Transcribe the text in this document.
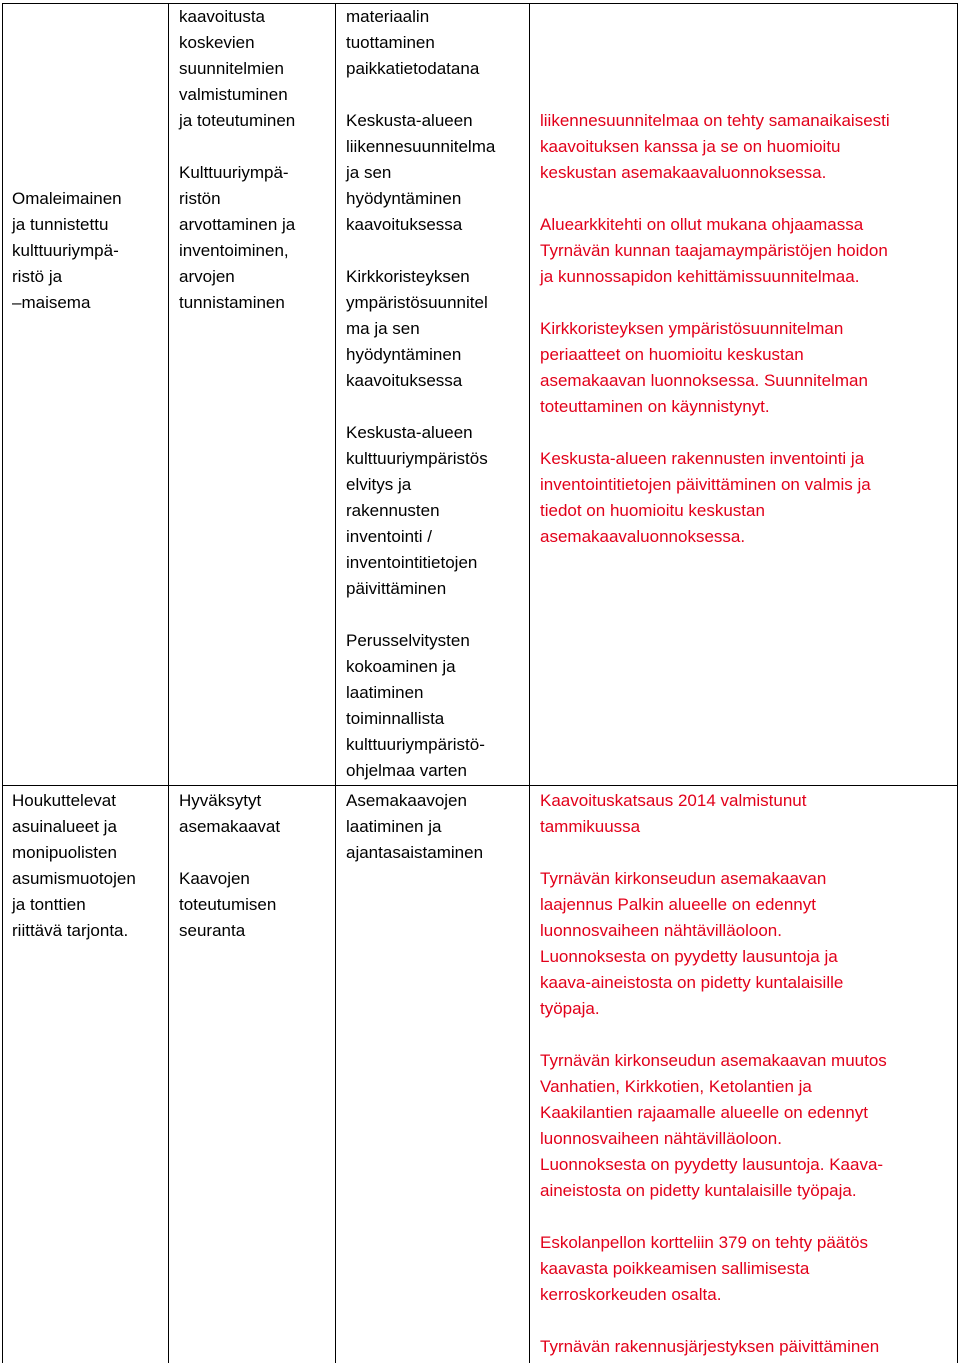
Omaleimainen
ja tunnistettu
kulttuuriympä-
ristö ja
–maisema
kaavoitusta
koskevien
suunnitelmien
valmistuminen
ja toteutuminen
Kulttuuriympä-
ristön
arvottaminen ja
inventoiminen,
arvojen
tunnistaminen
materiaalin
tuottaminen
paikkatietodatana
Keskusta-alueen
liikennesuunnitelma
ja sen
hyödyntäminen
kaavoituksessa
Kirkkoristeyksen
ympäristösuunnitel
ma ja sen
hyödyntäminen
kaavoituksessa
Keskusta-alueen
kulttuuriympäristös
elvitys ja
rakennusten
inventointi /
inventointitietojen
päivittäminen
Perusselvitysten
kokoaminen ja
laatiminen
toiminnallista
kulttuuriympäristö-
ohjelmaa varten
liikennesuunnitelmaa on tehty samanaikaisesti
kaavoituksen kanssa ja se on huomioitu
keskustan asemakaavaluonnoksessa.
Aluearkkitehti on ollut mukana ohjaamassa
Tyrnävän kunnan taajamaympäristöjen hoidon
ja kunnossapidon kehittämissuunnitelmaa.
Kirkkoristeyksen ympäristösuunnitelman
periaatteet on huomioitu keskustan
asemakaavan luonnoksessa. Suunnitelman
toteuttaminen on käynnistynyt.
Keskusta-alueen rakennusten inventointi ja
inventointitietojen päivittäminen on valmis ja
tiedot on huomioitu keskustan
asemakaavaluonnoksessa.
Houkuttelevat
asuinalueet ja
monipuolisten
asumismuotojen
ja tonttien
riittävä tarjonta.
Hyväksytyt
asemakaavat
Kaavojen
toteutumisen
seuranta
Asemakaavojen
laatiminen ja
ajantasaistaminen
Kaavoituskatsaus 2014 valmistunut
tammikuussa
Tyrnävän kirkonseudun asemakaavan
laajennus Palkin alueelle on edennyt
luonnosvaiheen nähtävilläoloon.
Luonnoksesta on pyydetty lausuntoja ja
kaava-aineistosta on pidetty kuntalaisille
työpaja.
Tyrnävän kirkonseudun asemakaavan muutos
Vanhatien, Kirkkotien, Ketolantien ja
Kaakilantien rajaamalle alueelle on edennyt
luonnosvaiheen nähtävilläoloon.
Luonnoksesta on pyydetty lausuntoja. Kaava-
aineistosta on pidetty kuntalaisille työpaja.
Eskolanpellon kortteliin 379 on tehty päätös
kaavasta poikkeamisen sallimisesta
kerroskorkeuden osalta.
Tyrnävän rakennusjärjestyksen päivittäminen
